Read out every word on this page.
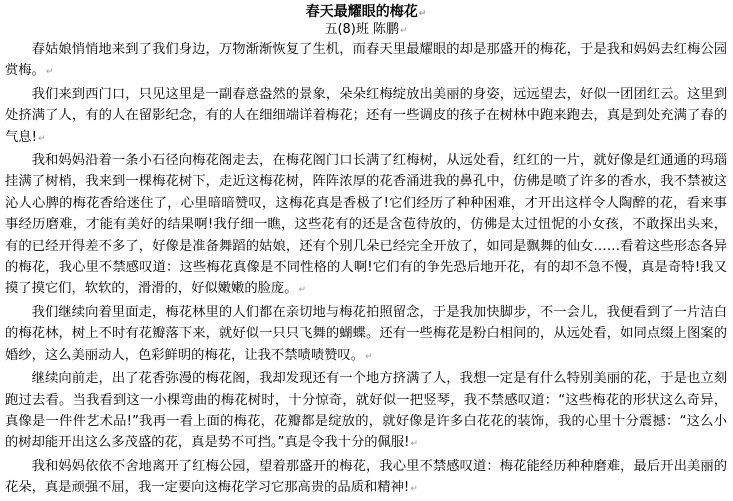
春天最耀眼的梅花↵

五(8)班 陈鹏↵

春姑娘悄悄地来到了我们身边，万物渐渐恢复了生机，而春天里最耀眼的却是那盛开的梅花，于是我和妈妈去红梅公园赏梅。↵

我们来到西门口，只见这里是一副春意盎然的景象，朵朵红梅绽放出美丽的身姿，远远望去，好似一团团红云。这里到处挤满了人，有的人在留影纪念，有的人在细细端详着梅花；还有一些调皮的孩子在树林中跑来跑去，真是到处充满了春的气息!↵

我和妈妈沿着一条小石径向梅花阁走去，在梅花阁门口长满了红梅树，从远处看，红红的一片，就好像是红通通的玛瑙挂满了树梢，我来到一棵梅花树下，走近这梅花树，阵阵浓厚的花香涌进我的鼻孔中，仿佛是喷了许多的香水，我不禁被这沁人心脾的梅花香给迷住了，心里暗暗赞叹，这梅花真是香极了!它们经历了种种困难，才开出这样令人陶醉的花，看来事事经历磨难，才能有美好的结果啊!我仔细一瞧，这些花有的还是含苞待放的，仿佛是太过忸怩的小女孩，不敢探出头来，有的已经开得差不多了，好像是准备舞蹈的姑娘，还有个别几朵已经完全开放了，如同是飘舞的仙女……看着这些形态各异的梅花，我心里不禁感叹道：这些梅花真像是不同性格的人啊!它们有的争先恐后地开花，有的却不急不慢，真是奇特!我又摸了摸它们，软软的，滑滑的，好似嫩嫩的脸庞。↵

我们继续向着里面走，梅花林里的人们都在亲切地与梅花拍照留念，于是我加快脚步，不一会儿，我便看到了一片洁白的梅花林，树上不时有花瓣落下来，就好似一只只飞舞的蝴蝶。还有一些梅花是粉白相间的，从远处看，如同点缀上图案的婚纱，这么美丽动人，色彩鲜明的梅花，让我不禁啧啧赞叹。↵

继续向前走，出了花香弥漫的梅花阁，我却发现还有一个地方挤满了人，我想一定是有什么特别美丽的花，于是也立刻跑过去看。当我看到这一小棵弯曲的梅花树时，十分惊奇，就好似一把竖琴，我不禁感叹道：“这些梅花的形状这么奇异，真像是一件件艺术品!”我再一看上面的梅花，花瓣都是绽放的，就好像是许多白花花的装饰，我的心里十分震撼：“这么小的树却能开出这么多茂盛的花，真是势不可挡。”真是令我十分的佩服!↵

我和妈妈依依不舍地离开了红梅公园，望着那盛开的梅花，我心里不禁感叹道：梅花能经历种种磨难，最后开出美丽的花朵，真是顽强不屈，我一定要向这梅花学习它那高贵的品质和精神!↵
